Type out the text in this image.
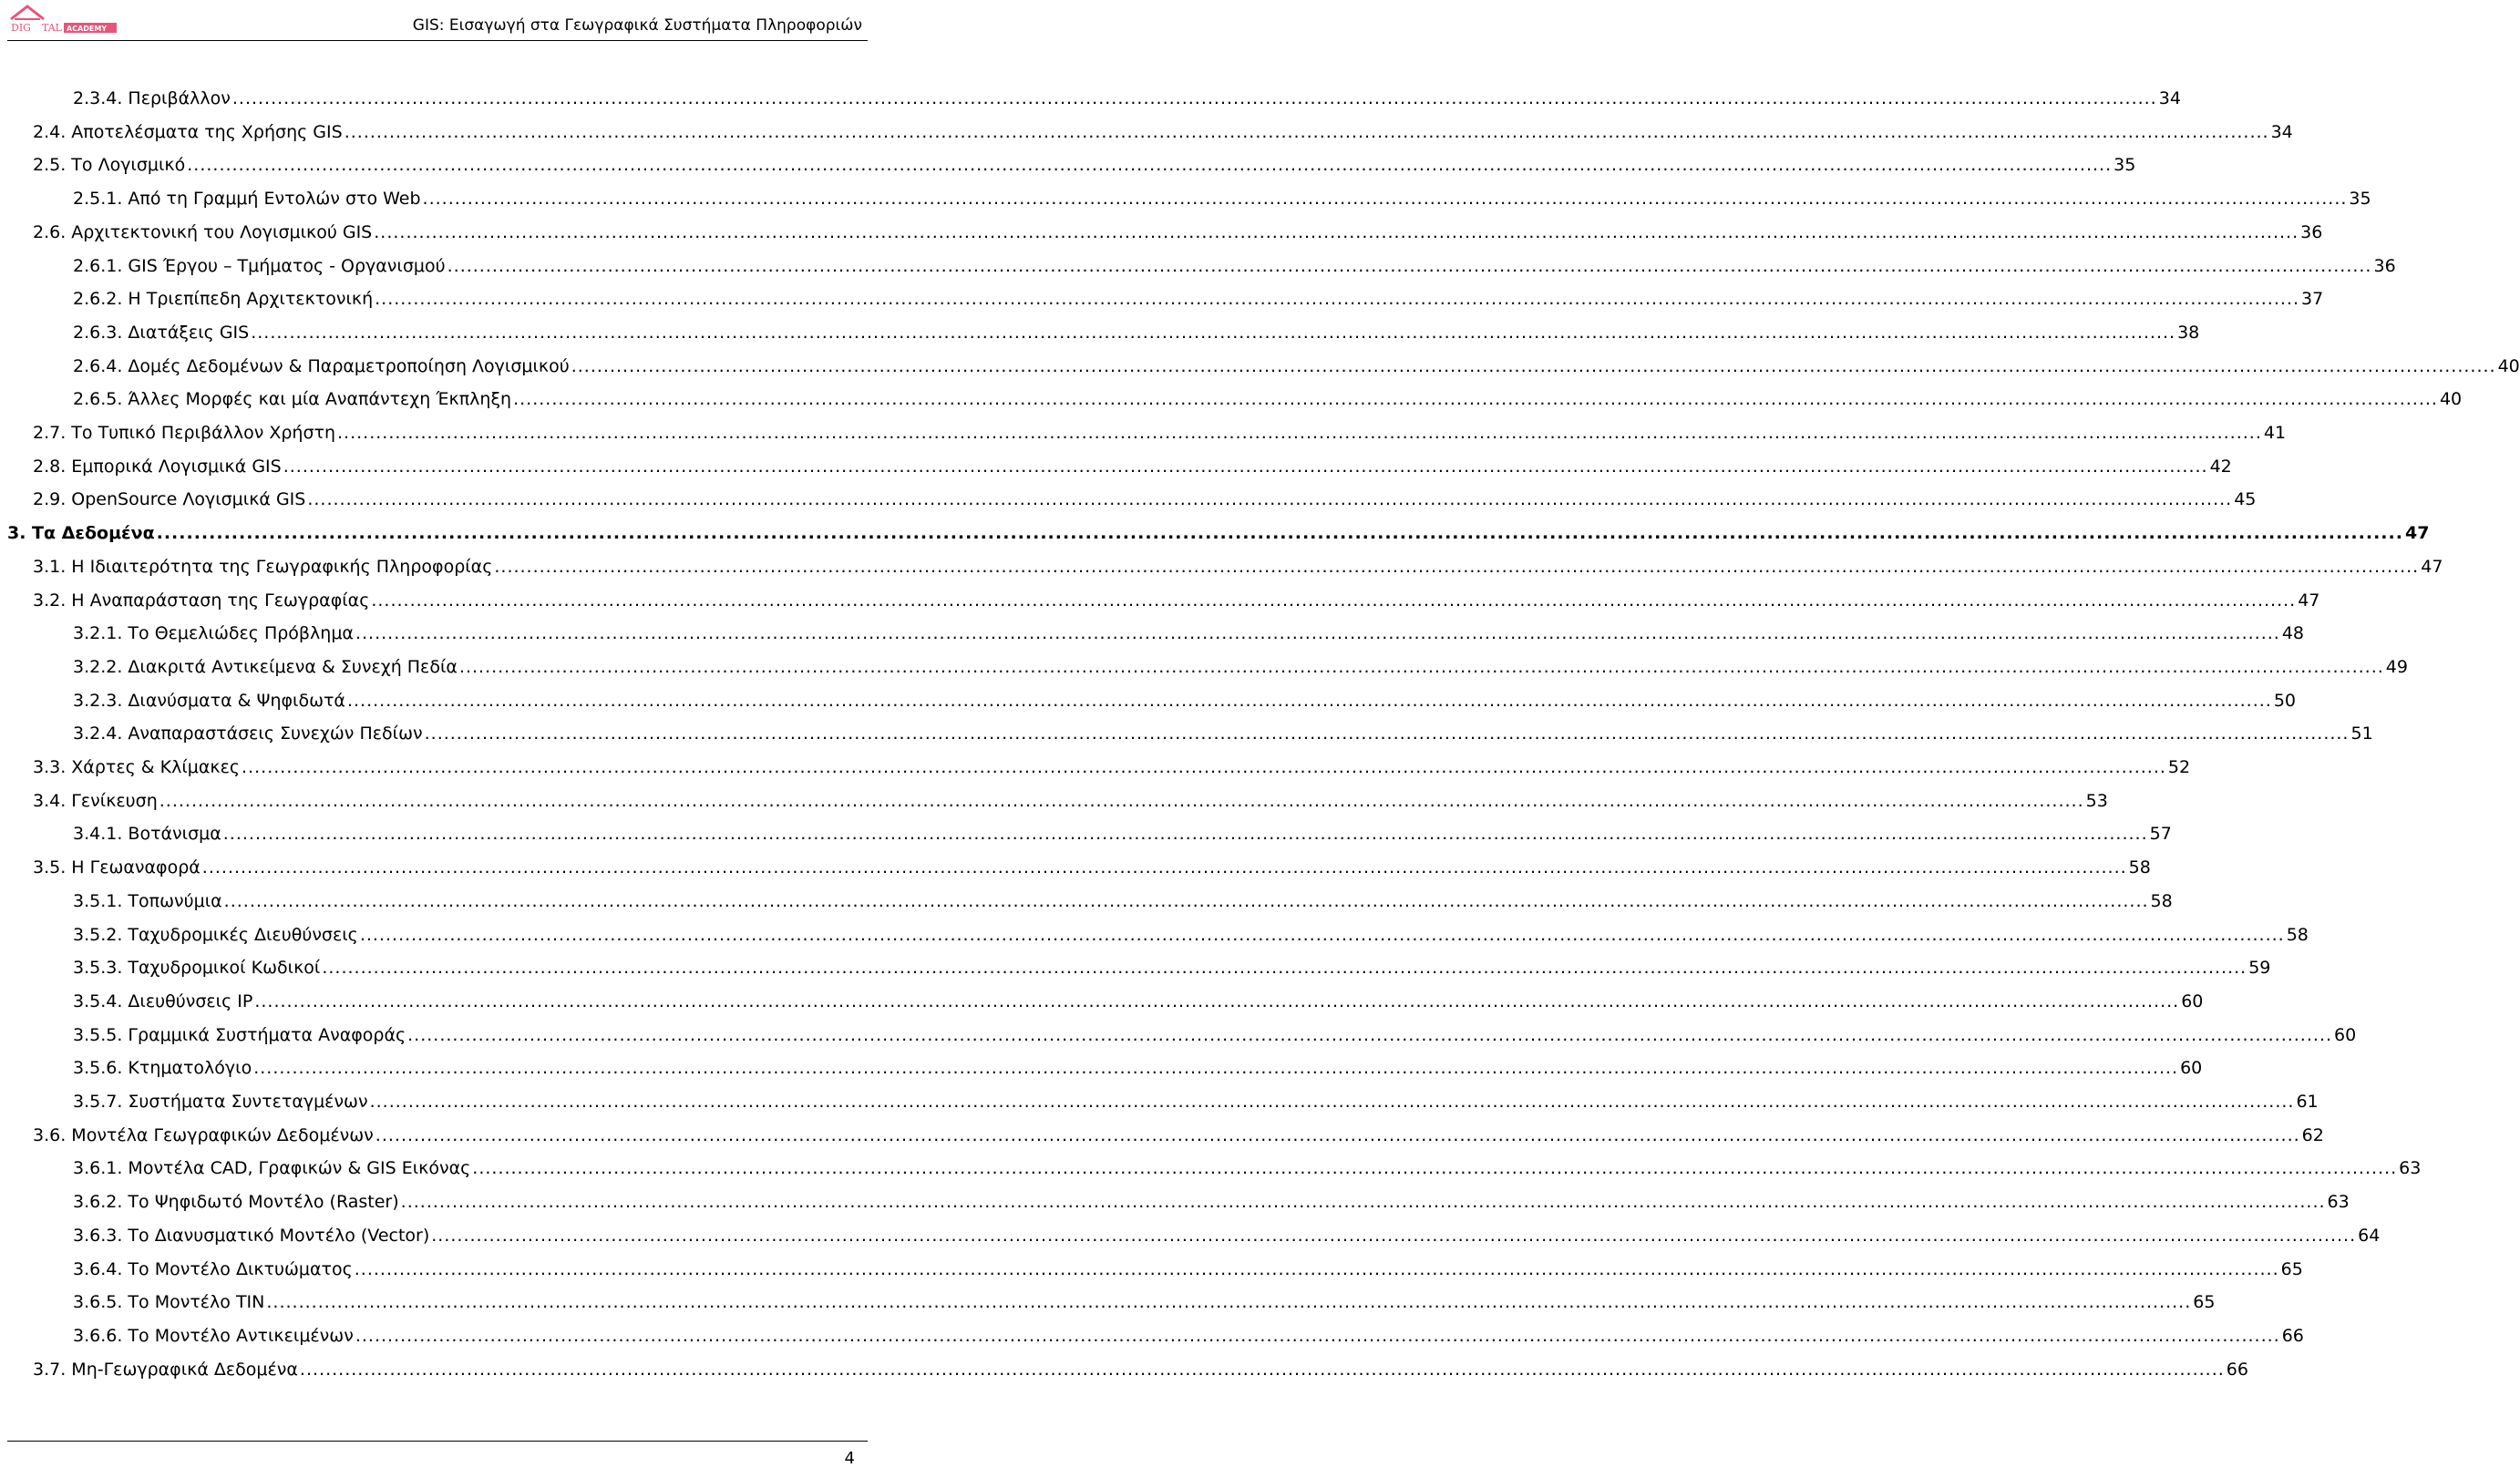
DIG TAL ACADEMY	GIS: Εισαγωγή στα Γεωγραφικά Συστήματα Πληροφοριών
2.3.4. Περιβάλλον ............................................................................................................................................................................................................................................................................................................ 34
2.4. Αποτελέσματα της Χρήσης GIS ............................................................................................................................................................................................................................................................................................................ 34
2.5. Το Λογισμικό ............................................................................................................................................................................................................................................................................................................ 35
2.5.1. Από τη Γραμμή Εντολών στο Web ............................................................................................................................................................................................................................................................................................................ 35
2.6. Αρχιτεκτονική του Λογισμικού GIS ............................................................................................................................................................................................................................................................................................................ 36
2.6.1. GIS Έργου – Τμήματος - Οργανισμού ............................................................................................................................................................................................................................................................................................................ 36
2.6.2. Η Τριεπίπεδη Αρχιτεκτονική ............................................................................................................................................................................................................................................................................................................ 37
2.6.3. Διατάξεις GIS ............................................................................................................................................................................................................................................................................................................ 38
2.6.4. Δομές Δεδομένων & Παραμετροποίηση Λογισμικού ............................................................................................................................................................................................................................................................................................................ 40
2.6.5. Άλλες Μορφές και μία Αναπάντεχη Έκπληξη ............................................................................................................................................................................................................................................................................................................ 40
2.7. Το Τυπικό Περιβάλλον Χρήστη ............................................................................................................................................................................................................................................................................................................ 41
2.8. Εμπορικά Λογισμικά GIS ............................................................................................................................................................................................................................................................................................................ 42
2.9. OpenSource Λογισμικά GIS ............................................................................................................................................................................................................................................................................................................ 45
3. Τα Δεδομένα ............................................................................................................................................................................................................................................................................................................ 47
3.1. Η Ιδιαιτερότητα της Γεωγραφικής Πληροφορίας ............................................................................................................................................................................................................................................................................................................ 47
3.2. Η Αναπαράσταση της Γεωγραφίας ............................................................................................................................................................................................................................................................................................................ 47
3.2.1. Το Θεμελιώδες Πρόβλημα ............................................................................................................................................................................................................................................................................................................ 48
3.2.2. Διακριτά Αντικείμενα & Συνεχή Πεδία ............................................................................................................................................................................................................................................................................................................ 49
3.2.3. Διανύσματα & Ψηφιδωτά ............................................................................................................................................................................................................................................................................................................ 50
3.2.4. Αναπαραστάσεις Συνεχών Πεδίων ............................................................................................................................................................................................................................................................................................................ 51
3.3. Χάρτες & Κλίμακες ............................................................................................................................................................................................................................................................................................................ 52
3.4. Γενίκευση ............................................................................................................................................................................................................................................................................................................ 53
3.4.1. Βοτάνισμα ............................................................................................................................................................................................................................................................................................................ 57
3.5. Η Γεωαναφορά ............................................................................................................................................................................................................................................................................................................ 58
3.5.1. Τοπωνύμια ............................................................................................................................................................................................................................................................................................................ 58
3.5.2. Ταχυδρομικές Διευθύνσεις ............................................................................................................................................................................................................................................................................................................ 58
3.5.3. Ταχυδρομικοί Κωδικοί ............................................................................................................................................................................................................................................................................................................ 59
3.5.4. Διευθύνσεις IP ............................................................................................................................................................................................................................................................................................................ 60
3.5.5. Γραμμικά Συστήματα Αναφοράς ............................................................................................................................................................................................................................................................................................................ 60
3.5.6. Κτηματολόγιο ............................................................................................................................................................................................................................................................................................................ 60
3.5.7. Συστήματα Συντεταγμένων ............................................................................................................................................................................................................................................................................................................ 61
3.6. Μοντέλα Γεωγραφικών Δεδομένων ............................................................................................................................................................................................................................................................................................................ 62
3.6.1. Μοντέλα CAD, Γραφικών & GIS Εικόνας ............................................................................................................................................................................................................................................................................................................ 63
3.6.2. Το Ψηφιδωτό Μοντέλο (Raster) ............................................................................................................................................................................................................................................................................................................ 63
3.6.3. Το Διανυσματικό Μοντέλο (Vector) ............................................................................................................................................................................................................................................................................................................ 64
3.6.4. Το Μοντέλο Δικτυώματος ............................................................................................................................................................................................................................................................................................................ 65
3.6.5. Το Μοντέλο TIN ............................................................................................................................................................................................................................................................................................................ 65
3.6.6. Το Μοντέλο Αντικειμένων ............................................................................................................................................................................................................................................................................................................ 66
3.7. Μη-Γεωγραφικά Δεδομένα ............................................................................................................................................................................................................................................................................................................ 66
4
